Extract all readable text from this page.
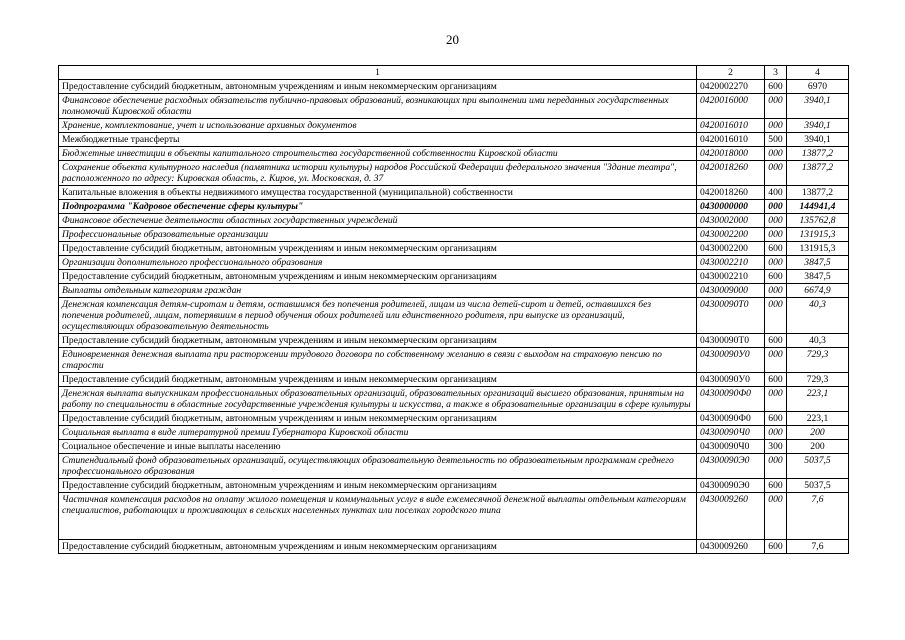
20
1	2	3	4
Предоставление субсидий бюджетным, автономным учреждениям и иным некоммерческим организациям	0420002270	600	6970
Финансовое обеспечение расходных обязательств публично-правовых образований, возникающих при выполнении ими переданных государственных полномочий Кировской области	0420016000	000	3940,1
Хранение, комплектование, учет и использование архивных документов	0420016010	000	3940,1
Межбюджетные трансферты	0420016010	500	3940,1
Бюджетные инвестиции в объекты капитального строительства государственной собственности Кировской области	0420018000	000	13877,2
Сохранение объекта культурного наследия (памятника истории культуры) народов Российской Федерации федерального значения "Здание театра", расположенного по адресу: Кировская область, г. Киров, ул. Московская, д. 37	0420018260	000	13877,2
Капитальные вложения в объекты недвижимого имущества государственной (муниципальной) собственности	0420018260	400	13877,2
Подпрограмма "Кадровое обеспечение сферы культуры"	0430000000	000	144941,4
Финансовое обеспечение деятельности областных государственных учреждений	0430002000	000	135762,8
Профессиональные образовательные организации	0430002200	000	131915,3
Предоставление субсидий бюджетным, автономным учреждениям и иным некоммерческим организациям	0430002200	600	131915,3
Организации дополнительного профессионального образования	0430002210	000	3847,5
Предоставление субсидий бюджетным, автономным учреждениям и иным некоммерческим организациям	0430002210	600	3847,5
Выплаты отдельным категориям граждан	0430009000	000	6674,9
Денежная компенсация детям-сиротам и детям, оставшимся без попечения родителей, лицам из числа детей-сирот и детей, оставшихся без попечения родителей, лицам, потерявшим в период обучения обоих родителей или единственного родителя, при выпуске из организаций, осуществляющих образовательную деятельность	04300090Т0	000	40,3
Предоставление субсидий бюджетным, автономным учреждениям и иным некоммерческим организациям	04300090Т0	600	40,3
Единовременная денежная выплата при расторжении трудового договора по собственному желанию в связи с выходом на страховую пенсию по старости	04300090У0	000	729,3
Предоставление субсидий бюджетным, автономным учреждениям и иным некоммерческим организациям	04300090У0	600	729,3
Денежная выплата выпускникам профессиональных образовательных организаций, образовательных организаций высшего образования, принятым на работу по специальности в областные государственные учреждения культуры и искусства, а также в образовательные организации в сфере культуры	04300090Ф0	000	223,1
Предоставление субсидий бюджетным, автономным учреждениям и иным некоммерческим организациям	04300090Ф0	600	223,1
Социальная выплата в виде литературной премии Губернатора Кировской области	04300090Ч0	000	200
Социальное обеспечение и иные выплаты населению	04300090Ч0	300	200
Стипендиальный фонд образовательных организаций, осуществляющих образовательную деятельность по образовательным программам среднего профессионального образования	04300090Э0	000	5037,5
Предоставление субсидий бюджетным, автономным учреждениям и иным некоммерческим организациям	04300090Э0	600	5037,5
Частичная компенсация расходов на оплату жилого помещения и коммунальных услуг в виде ежемесячной денежной выплаты отдельным категориям специалистов, работающих и проживающих в сельских населенных пунктах или поселках городского типа	0430009260	000	7,6
Предоставление субсидий бюджетным, автономным учреждениям и иным некоммерческим организациям	0430009260	600	7,6
